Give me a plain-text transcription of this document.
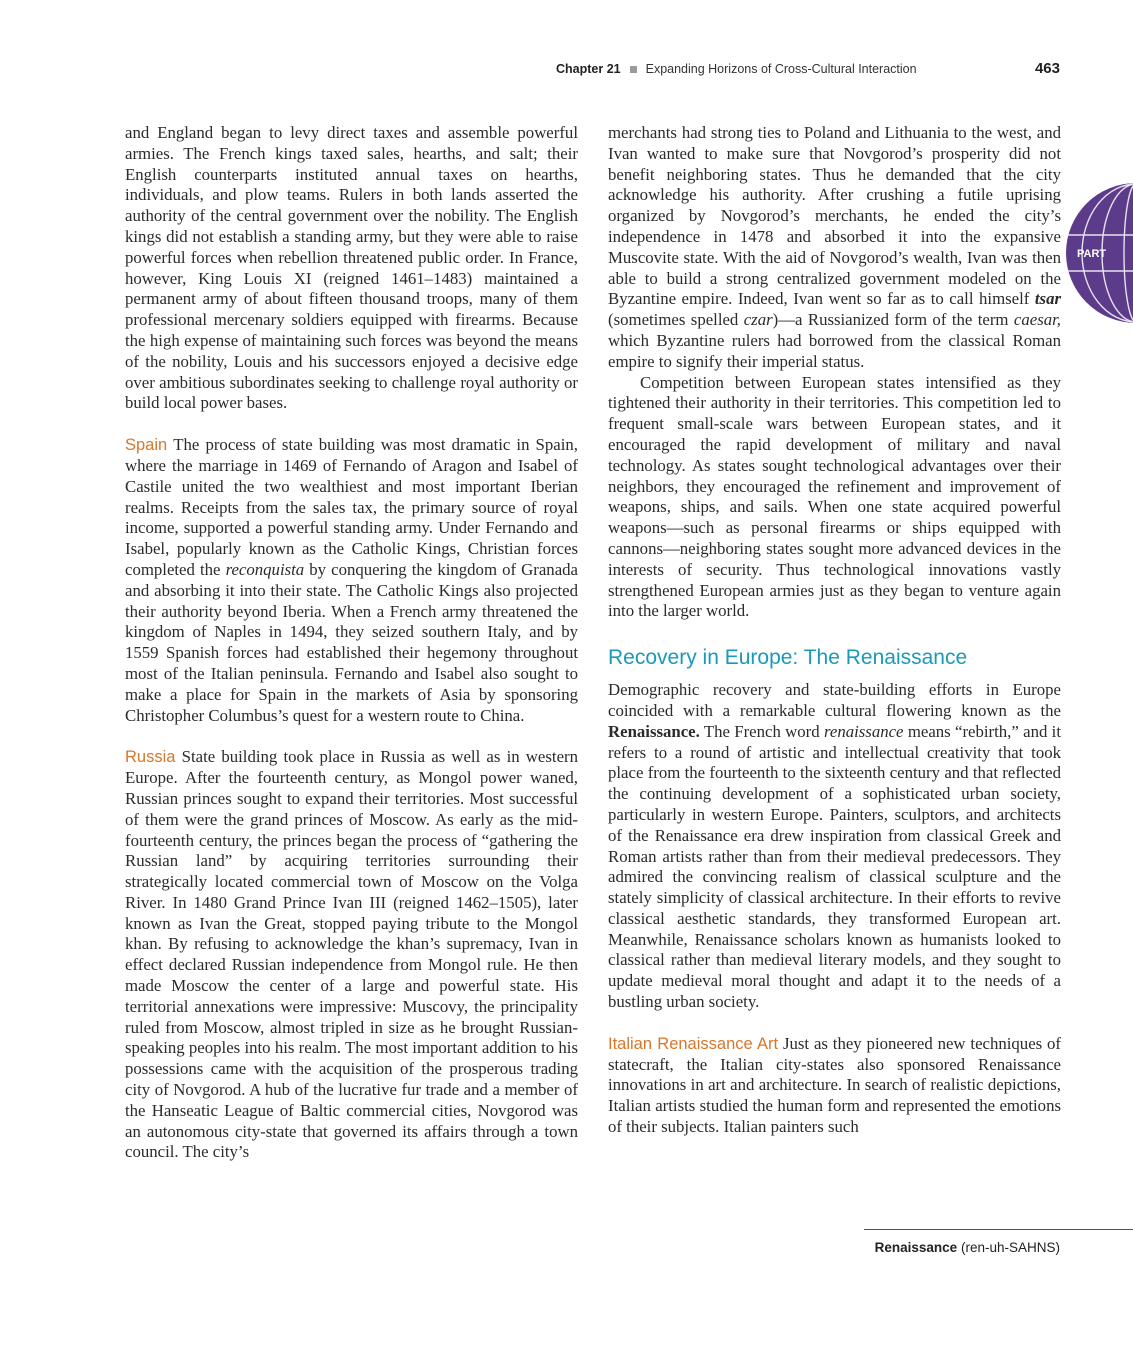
Chapter 21 Expanding Horizons of Cross-Cultural Interaction	463
PART

and England began to levy direct taxes and assemble powerful armies. The French kings taxed sales, hearths, and salt; their English counterparts instituted annual taxes on hearths, individuals, and plow teams. Rulers in both lands asserted the authority of the central government over the nobility. The English kings did not establish a standing army, but they were able to raise powerful forces when rebellion threatened public order. In France, however, King Louis XI (reigned 1461–1483) maintained a permanent army of about fifteen thousand troops, many of them professional mercenary soldiers equipped with firearms. Because the high expense of maintaining such forces was beyond the means of the nobility, Louis and his successors enjoyed a decisive edge over ambitious subordinates seeking to challenge royal authority or build local power bases.

Spain The process of state building was most dramatic in Spain, where the marriage in 1469 of Fernando of Aragon and Isabel of Castile united the two wealthiest and most important Iberian realms. Receipts from the sales tax, the primary source of royal income, supported a powerful standing army. Under Fernando and Isabel, popularly known as the Catholic Kings, Christian forces completed the reconquista by conquering the kingdom of Granada and absorbing it into their state. The Catholic Kings also projected their authority beyond Iberia. When a French army threatened the kingdom of Naples in 1494, they seized southern Italy, and by 1559 Spanish forces had established their hegemony throughout most of the Italian peninsula. Fernando and Isabel also sought to make a place for Spain in the markets of Asia by sponsoring Christopher Columbus’s quest for a western route to China.

Russia State building took place in Russia as well as in western Europe. After the fourteenth century, as Mongol power waned, Russian princes sought to expand their territories. Most successful of them were the grand princes of Moscow. As early as the mid-fourteenth century, the princes began the process of “gathering the Russian land” by acquiring territories surrounding their strategically located commercial town of Moscow on the Volga River. In 1480 Grand Prince Ivan III (reigned 1462–1505), later known as Ivan the Great, stopped paying tribute to the Mongol khan. By refusing to acknowledge the khan’s supremacy, Ivan in effect declared Russian independence from Mongol rule. He then made Moscow the center of a large and powerful state. His territorial annexations were impressive: Muscovy, the principality ruled from Moscow, almost tripled in size as he brought Russian-speaking peoples into his realm. The most important addition to his possessions came with the acquisition of the prosperous trading city of Novgorod. A hub of the lucrative fur trade and a member of the Hanseatic League of Baltic commercial cities, Novgorod was an autonomous city-state that governed its affairs through a town council. The city’s

merchants had strong ties to Poland and Lithuania to the west, and Ivan wanted to make sure that Novgorod’s prosperity did not benefit neighboring states. Thus he demanded that the city acknowledge his authority. After crushing a futile uprising organized by Novgorod’s merchants, he ended the city’s independence in 1478 and absorbed it into the expansive Muscovite state. With the aid of Novgorod’s wealth, Ivan was then able to build a strong centralized government modeled on the Byzantine empire. Indeed, Ivan went so far as to call himself tsar (sometimes spelled czar)—a Russianized form of the term caesar, which Byzantine rulers had borrowed from the classical Roman empire to signify their imperial status.

Competition between European states intensified as they tightened their authority in their territories. This competition led to frequent small-scale wars between European states, and it encouraged the rapid development of military and naval technology. As states sought technological advantages over their neighbors, they encouraged the refinement and improvement of weapons, ships, and sails. When one state acquired powerful weapons—such as personal firearms or ships equipped with cannons—neighboring states sought more advanced devices in the interests of security. Thus technological innovations vastly strengthened European armies just as they began to venture again into the larger world.

Recovery in Europe: The Renaissance

Demographic recovery and state-building efforts in Europe coincided with a remarkable cultural flowering known as the Renaissance. The French word renaissance means “rebirth,” and it refers to a round of artistic and intellectual creativity that took place from the fourteenth to the sixteenth century and that reflected the continuing development of a sophisticated urban society, particularly in western Europe. Painters, sculptors, and architects of the Renaissance era drew inspiration from classical Greek and Roman artists rather than from their medieval predecessors. They admired the convincing realism of classical sculpture and the stately simplicity of classical architecture. In their efforts to revive classical aesthetic standards, they transformed European art. Meanwhile, Renaissance scholars known as humanists looked to classical rather than medieval literary models, and they sought to update medieval moral thought and adapt it to the needs of a bustling urban society.

Italian Renaissance Art Just as they pioneered new techniques of statecraft, the Italian city-states also sponsored Renaissance innovations in art and architecture. In search of realistic depictions, Italian artists studied the human form and represented the emotions of their subjects. Italian painters such

Renaissance (ren-uh-SAHNS)
